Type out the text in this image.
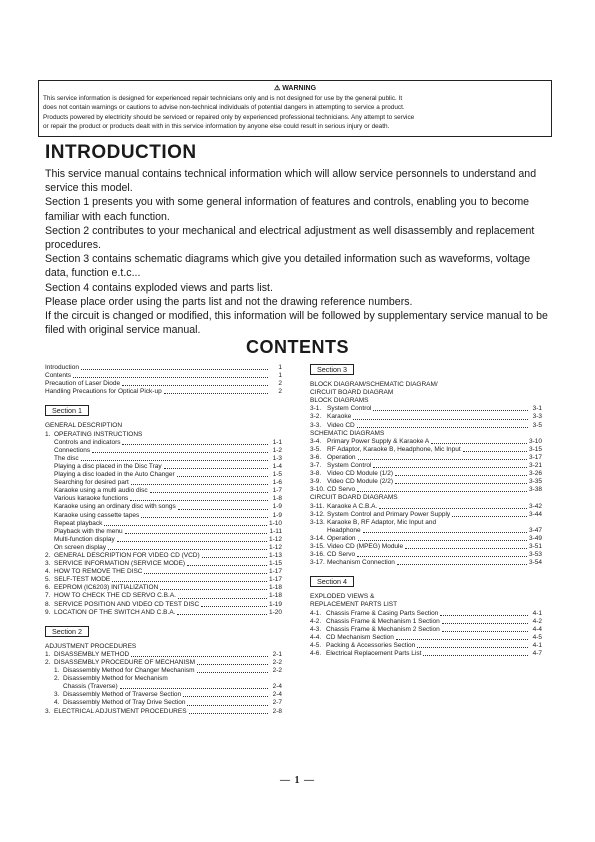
⚠ WARNING
This service information is designed for experienced repair technicians only and is not designed for use by the general public. It
does not contain warnings or cautions to advise non-technical individuals of potential dangers in attempting to service a product.
Products powered by electricity should be serviced or repaired only by experienced professional technicians. Any attempt to service
or repair the product or products dealt with in this service information by anyone else could result in serious injury or death.
INTRODUCTION

This service manual contains technical information which will allow service personnels to understand and service this model.

Section 1 presents you with some general information of features and controls, enabling you to become familiar with each function.

Section 2 contributes to your mechanical and electrical adjustment as well disassembly and replacement procedures.

Section 3 contains schematic diagrams which give you detailed information such as waveforms, voltage data, function e.t.c...

Section 4 contains exploded views and parts list.

Please place order using the parts list and not the drawing reference numbers.

If the circuit is changed or modified, this information will be followed by supplementary service manual to be filed with original service manual.

CONTENTS
Introduction	1
Contents	1
Precaution of Laser Diode	2
Handling Precautions for Optical Pick-up	2
Section 1
GENERAL DESCRIPTION
1. OPERATING INSTRUCTIONS
Controls and indicators	1-1
Connections	1-2
The disc	1-3
Playing a disc placed in the Disc Tray	1-4
Playing a disc loaded in the Auto Changer	1-5
Searching for desired part	1-6
Karaoke using a multi audio disc	1-7
Various karaoke functions	1-8
Karaoke using an ordinary disc with songs	1-9
Karaoke using cassette tapes	1-9
Repeat playback	1-10
Playback with the menu	1-11
Multi-function display	1-12
On screen display	1-12
2. GENERAL DESCRIPTION FOR VIDEO CD (VCD)	1-13
3. SERVICE INFORMATION (SERVICE MODE)	1-15
4. HOW TO REMOVE THE DISC	1-17
5. SELF-TEST MODE	1-17
6. EEPROM (IC6203) INITIALIZATION	1-18
7. HOW TO CHECK THE CD SERVO C.B.A.	1-18
8. SERVICE POSITION AND VIDEO CD TEST DISC	1-19
9. LOCATION OF THE SWITCH AND C.B.A.	1-20
Section 2
ADJUSTMENT PROCEDURES
1. DISASSEMBLY METHOD	2-1
2. DISASSEMBLY PROCEDURE OF MECHANISM	2-2
1. Disassembly Method for Changer Mechanism	2-2
2. Disassembly Method for Mechanism
Chassis (Traverse)	2-4
3. Disassembly Method of Traverse Section	2-4
4. Disassembly Method of Tray Drive Section	2-7
3. ELECTRICAL ADJUSTMENT PROCEDURES	2-8
Section 3
BLOCK DIAGRAM/SCHEMATIC DIAGRAM/
CIRCUIT BOARD DIAGRAM
BLOCK DIAGRAMS
3-1. System Control	3-1
3-2. Karaoke	3-3
3-3. Video CD	3-5
SCHEMATIC DIAGRAMS
3-4. Primary Power Supply & Karaoke A	3-10
3-5. RF Adaptor, Karaoke B, Headphone, Mic Input	3-15
3-6. Operation	3-17
3-7. System Control	3-21
3-8. Video CD Module (1/2)	3-26
3-9. Video CD Module (2/2)	3-35
3-10. CD Servo	3-38
CIRCUIT BOARD DIAGRAMS
3-11. Karaoke A C.B.A.	3-42
3-12. System Control and Primary Power Supply	3-44
3-13. Karaoke B, RF Adaptor, Mic Input and
Headphone	3-47
3-14. Operation	3-49
3-15. Video CD (MPEG) Module	3-51
3-16. CD Servo	3-53
3-17. Mechanism Connection	3-54
Section 4
EXPLODED VIEWS &
REPLACEMENT PARTS LIST
4-1. Chassis Frame & Casing Parts Section	4-1
4-2. Chassis Frame & Mechanism 1 Section	4-2
4-3. Chassis Frame & Mechanism 2 Section	4-4
4-4. CD Mechanism Section	4-5
4-5. Packing & Accessories Section	4-1
4-6. Electrical Replacement Parts List	4-7
— 1 —
